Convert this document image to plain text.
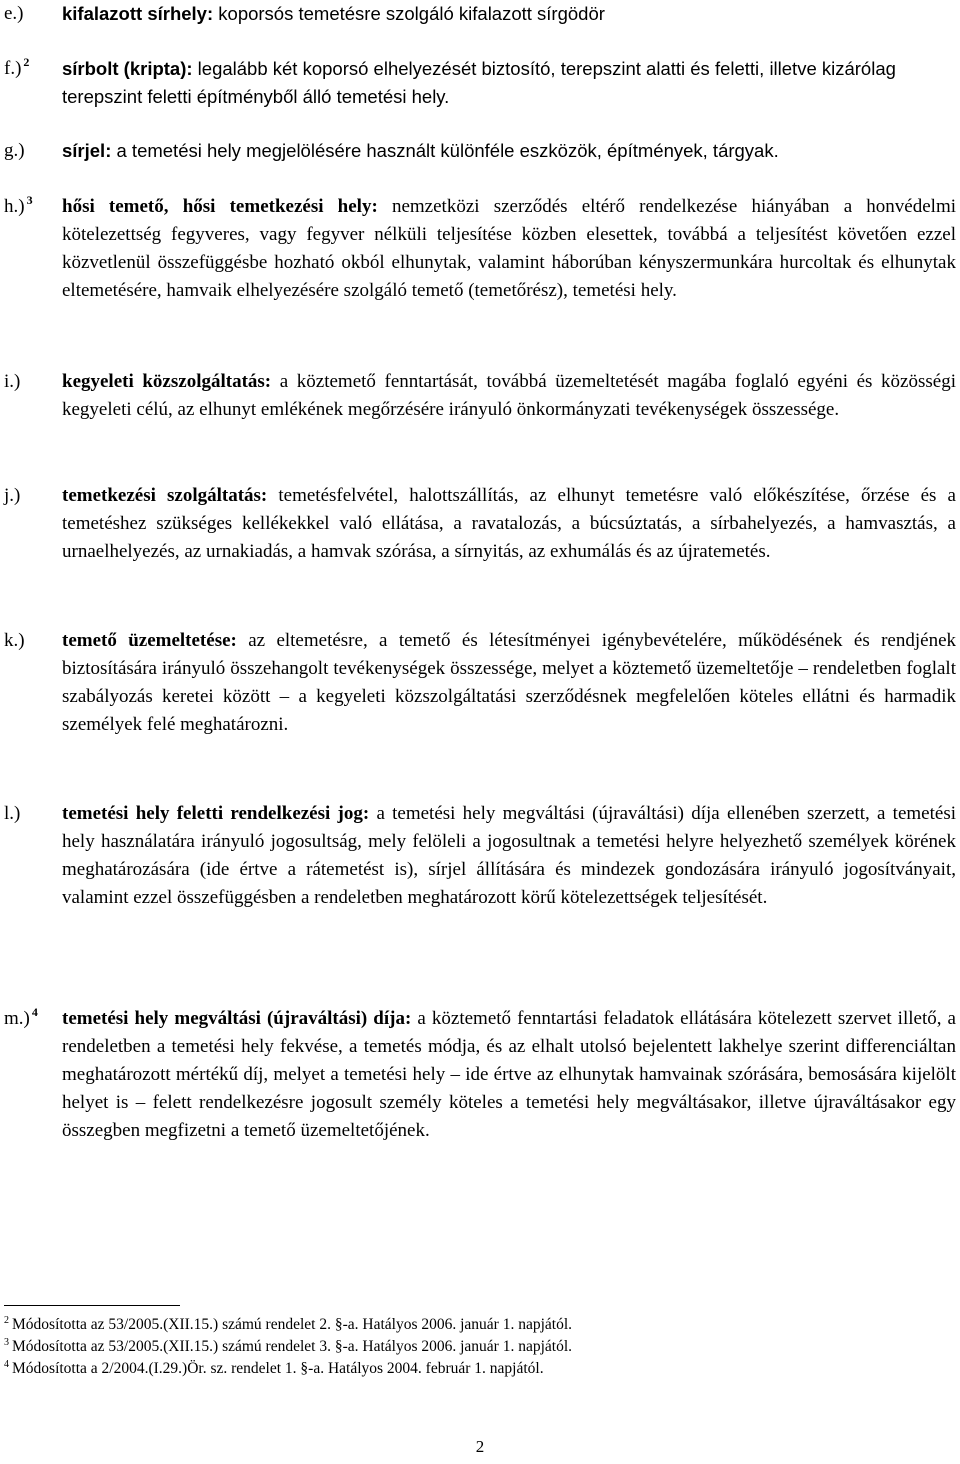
e.) kifalazott sírhely: koporsós temetésre szolgáló kifalazott sírgödör
f.) $^2$ sírbolt (kripta): legalább két koporsó elhelyezését biztosító, terepszint alatti és feletti, illetve kizárólag terepszint feletti építményből álló temetési hely.
g.) sírjel: a temetési hely megjelölésére használt különféle eszközök, építmények, tárgyak.
h.) $^3$ hősi temető, hősi temetkezési hely: nemzetközi szerződés eltérő rendelkezése hiányában a honvédelmi kötelezettség fegyveres, vagy fegyver nélküli teljesítése közben elesettek, továbbá a teljesítést követően ezzel közvetlenül összefüggésbe hozható okból elhunytak, valamint háborúban kényszermunkára hurcoltak és elhunytak eltemetésére, hamvaik elhelyezésére szolgáló temető (temetőrész), temetési hely.
i.) kegyeleti közszolgáltatás: a köztemető fenntartását, továbbá üzemeltetését magába foglaló egyéni és közösségi kegyeleti célú, az elhunyt emlékének megőrzésére irányuló önkormányzati tevékenységek összessége.
j.) temetkezési szolgáltatás: temetésfelvétel, halottszállítás, az elhunyt temetésre való előkészítése, őrzése és a temetéshez szükséges kellékekkel való ellátása, a ravatalozás, a búcsúztatás, a sírbahelyezés, a hamvasztás, a urnaelhelyezés, az urnakiadás, a hamvak szórása, a sírnyitás, az exhumálás és az újratemetés.
k.) temető üzemeltetése: az eltemetésre, a temető és létesítményei igénybevételére, működésének és rendjének biztosítására irányuló összehangolt tevékenységek összessége, melyet a köztemető üzemeltetője – rendeletben foglalt szabályozás keretei között – a kegyeleti közszolgáltatási szerződésnek megfelelően köteles ellátni és harmadik személyek felé meghatározni.
l.) temetési hely feletti rendelkezési jog: a temetési hely megváltási (újraváltási) díja ellenében szerzett, a temetési hely használatára irányuló jogosultság, mely felöleli a jogosultnak a temetési helyre helyezhető személyek körének meghatározására (ide értve a rátemetést is), sírjel állítására és mindezek gondozására irányuló jogosítványait, valamint ezzel összefüggésben a rendeletben meghatározott körű kötelezettségek teljesítését.
m.) $^4$ temetési hely megváltási (újraváltási) díja: a köztemető fenntartási feladatok ellátására kötelezett szervet illető, a rendeletben a temetési hely fekvése, a temetés módja, és az elhalt utolsó bejelentett lakhelye szerint differenciáltan meghatározott mértékű díj, melyet a temetési hely – ide értve az elhunytak hamvainak szórására, bemosására kijelölt helyet is – felett rendelkezésre jogosult személy köteles a temetési hely megváltásakor, illetve újraváltásakor egy összegben megfizetni a temető üzemeltetőjének.
$^2$ Módosította az 53/2005.(XII.15.) számú rendelet 2. §-a. Hatályos 2006. január 1. napjától.
$^3$ Módosította az 53/2005.(XII.15.) számú rendelet 3. §-a. Hatályos 2006. január 1. napjától.
$^4$ Módosította a 2/2004.(I.29.)Ör. sz. rendelet 1. §-a. Hatályos 2004. február 1. napjától.
2
